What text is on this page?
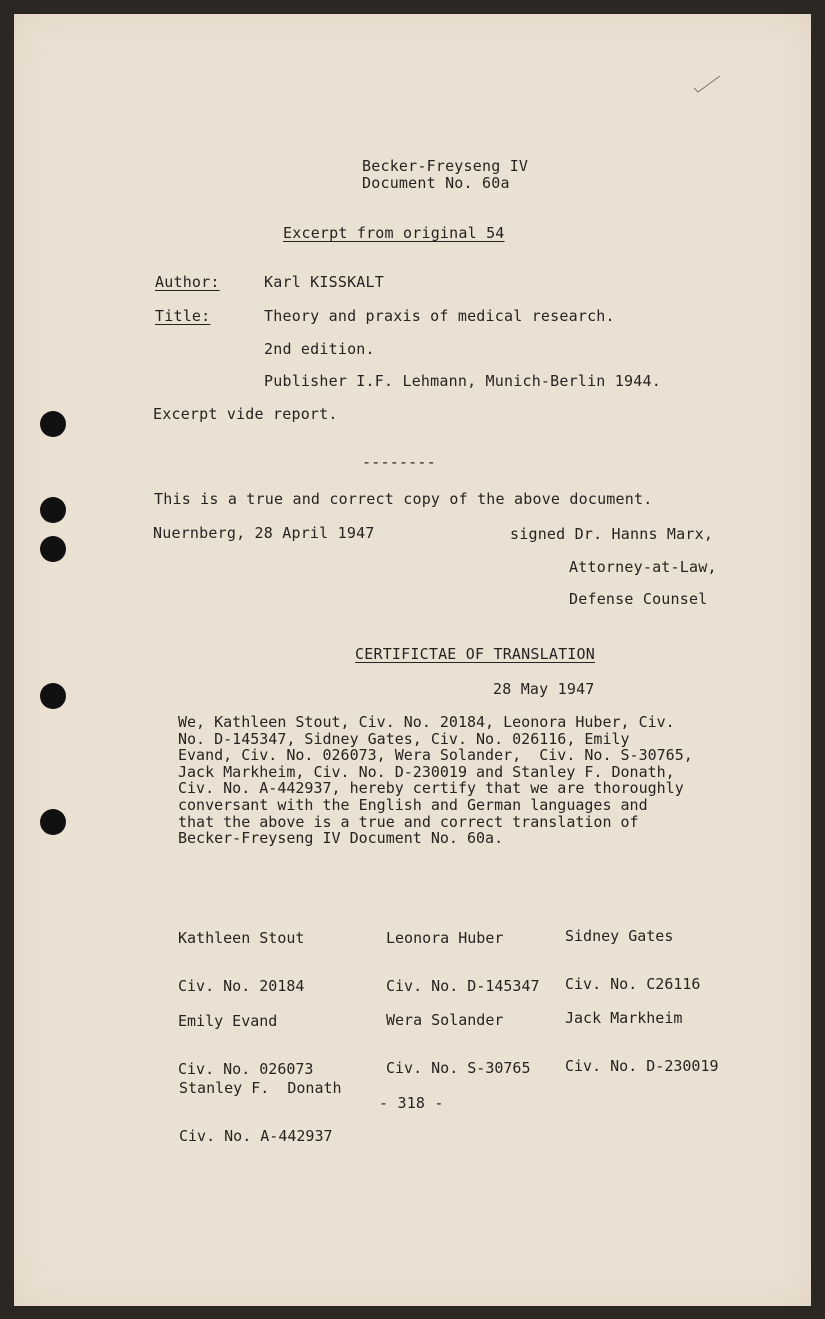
Becker-Freyseng IV
Document No. 60a
Excerpt from original 54
Author:	Karl KISSKALT
Title:	Theory and praxis of medical research.
2nd edition.
Publisher I.F. Lehmann, Munich-Berlin 1944.
Excerpt vide report.
--------
This is a true and correct copy of the above document.
Nuernberg, 28 April 1947	signed Dr. Hanns Marx,
Attorney-at-Law,
Defense Counsel
CERTIFICTAE OF TRANSLATION
28 May 1947

We, Kathleen Stout, Civ. No. 20184, Leonora Huber, Civ.

No. D-145347, Sidney Gates, Civ. No. 026116, Emily

Evand, Civ. No. 026073, Wera Solander,  Civ. No. S-30765,

Jack Markheim, Civ. No. D-230019 and Stanley F. Donath,

Civ. No. A-442937, hereby certify that we are thoroughly

conversant with the English and German languages and

that the above is a true and correct translation of

Becker-Freyseng IV Document No. 60a.

Kathleen Stout

Civ. No. 20184

Leonora Huber

Civ. No. D-145347

Sidney Gates

Civ. No. C26116

Emily Evand

Civ. No. 026073

Wera Solander

Civ. No. S-30765

Jack Markheim

Civ. No. D-230019

Stanley F.  Donath

Civ. No. A-442937

- 318 -
